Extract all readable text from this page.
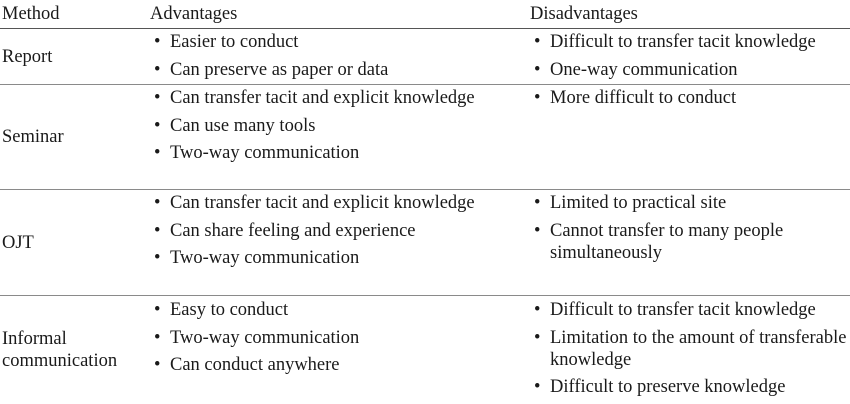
Method	Advantages	Disadvantages
Report
• Easier to conduct
• Can preserve as paper or data
• Difficult to transfer tacit knowledge
• One-way communication
Seminar
• Can transfer tacit and explicit knowledge
• Can use many tools
• Two-way communication
• More difficult to conduct
OJT
• Can transfer tacit and explicit knowledge
• Can share feeling and experience
• Two-way communication
• Limited to practical site
• Cannot transfer to many people simultaneously
Informal communication
• Easy to conduct
• Two-way communication
• Can conduct anywhere
• Difficult to transfer tacit knowledge
• Limitation to the amount of transferable knowledge
• Difficult to preserve knowledge
